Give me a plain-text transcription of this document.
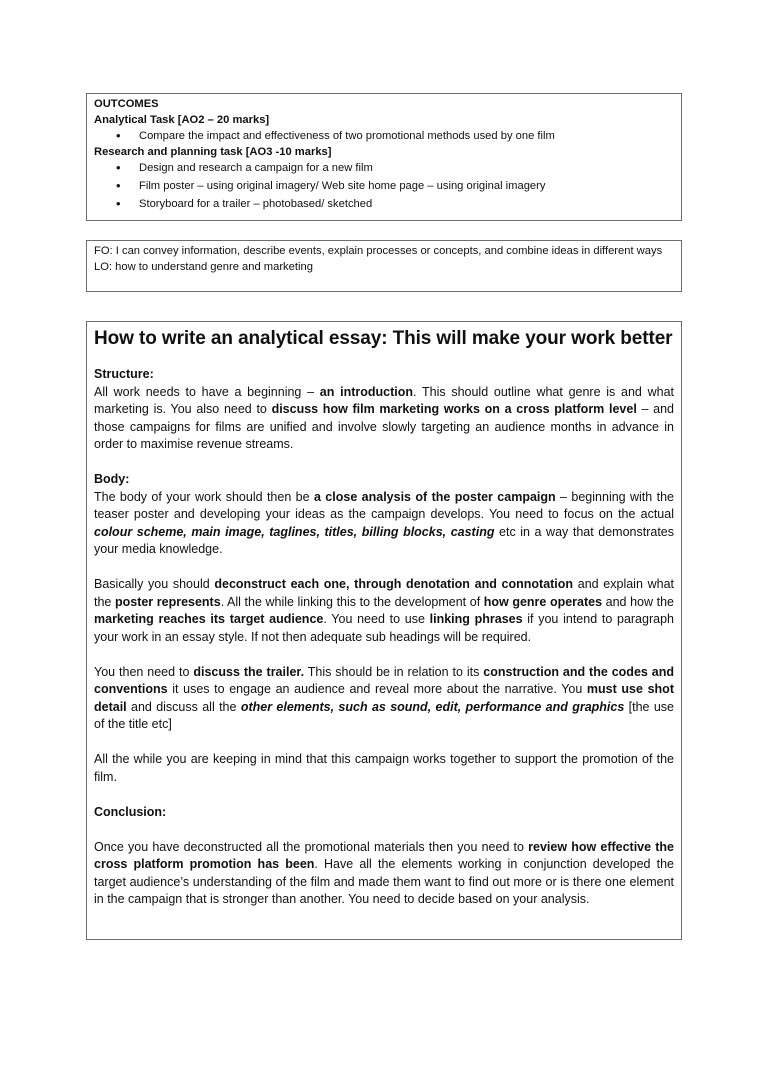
OUTCOMES
Analytical Task [AO2 – 20 marks]
• Compare the impact and effectiveness of two promotional methods used by one film
Research and planning task [AO3 -10 marks]
• Design and research a campaign for a new film
• Film poster – using original imagery/ Web site home page – using original imagery
• Storyboard for a trailer – photobased/ sketched
FO: I can convey information, describe events, explain processes or concepts, and combine ideas in different ways
LO: how to understand genre and marketing
How to write an analytical essay: This will make your work better

Structure:

All work needs to have a beginning – an introduction. This should outline what genre is and what marketing is. You also need to discuss how film marketing works on a cross platform level – and those campaigns for films are unified and involve slowly targeting an audience months in advance in order to maximise revenue streams.

Body:

The body of your work should then be a close analysis of the poster campaign – beginning with the teaser poster and developing your ideas as the campaign develops. You need to focus on the actual colour scheme, main image, taglines, titles, billing blocks, casting etc in a way that demonstrates your media knowledge.

Basically you should deconstruct each one, through denotation and connotation and explain what the poster represents. All the while linking this to the development of how genre operates and how the marketing reaches its target audience. You need to use linking phrases if you intend to paragraph your work in an essay style. If not then adequate sub headings will be required.

You then need to discuss the trailer. This should be in relation to its construction and the codes and conventions it uses to engage an audience and reveal more about the narrative. You must use shot detail and discuss all the other elements, such as sound, edit, performance and graphics [the use of the title etc]

All the while you are keeping in mind that this campaign works together to support the promotion of the film.

Conclusion:

Once you have deconstructed all the promotional materials then you need to review how effective the cross platform promotion has been. Have all the elements working in conjunction developed the target audience’s understanding of the film and made them want to find out more or is there one element in the campaign that is stronger than another. You need to decide based on your analysis.
